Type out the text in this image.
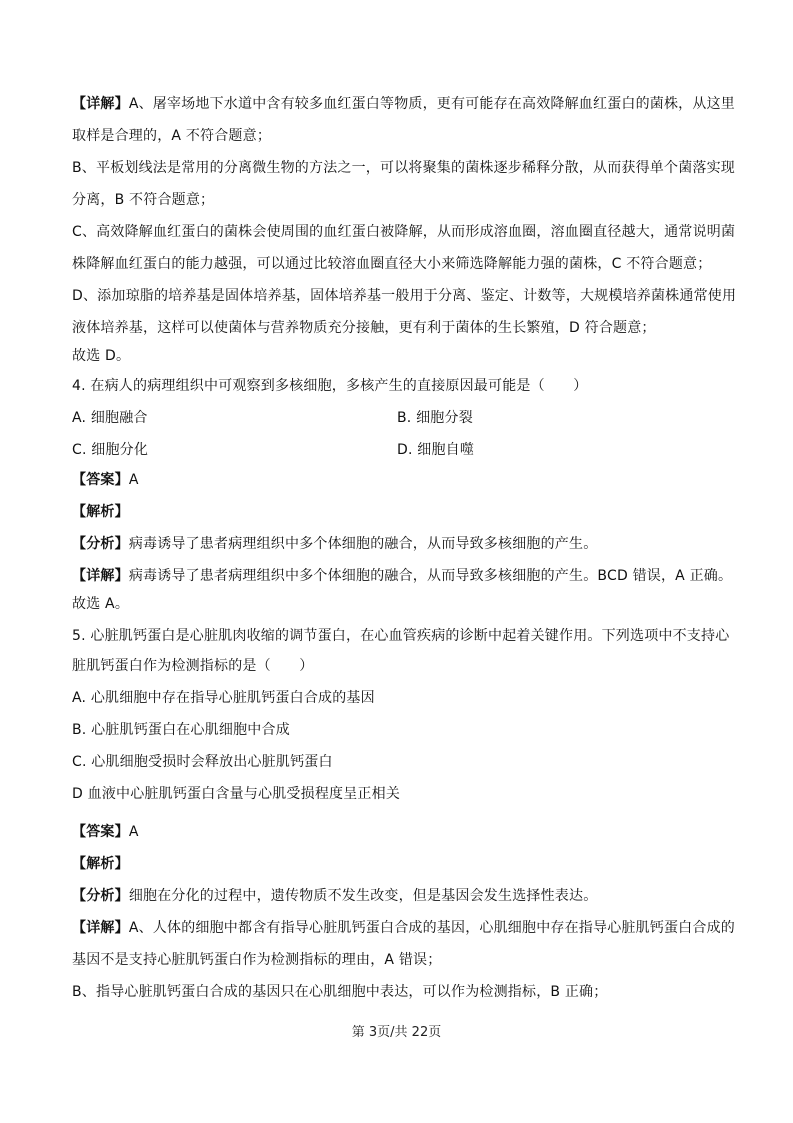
【详解】A、屠宰场地下水道中含有较多血红蛋白等物质，更有可能存在高效降解血红蛋白的菌株，从这里
取样是合理的，A 不符合题意；
B、平板划线法是常用的分离微生物的方法之一，可以将聚集的菌株逐步稀释分散，从而获得单个菌落实现
分离，B 不符合题意；
C、高效降解血红蛋白的菌株会使周围的血红蛋白被降解，从而形成溶血圈，溶血圈直径越大，通常说明菌
株降解血红蛋白的能力越强，可以通过比较溶血圈直径大小来筛选降解能力强的菌株，C 不符合题意；
D、添加琼脂的培养基是固体培养基，固体培养基一般用于分离、鉴定、计数等，大规模培养菌株通常使用
液体培养基，这样可以使菌体与营养物质充分接触，更有利于菌体的生长繁殖，D 符合题意；
故选 D。
4. 在病人的病理组织中可观察到多核细胞，多核产生的直接原因最可能是（　　）
A. 细胞融合	B. 细胞分裂
C. 细胞分化	D. 细胞自噬
【答案】A
【解析】
【分析】病毒诱导了患者病理组织中多个体细胞的融合，从而导致多核细胞的产生。
【详解】病毒诱导了患者病理组织中多个体细胞的融合，从而导致多核细胞的产生。BCD 错误，A 正确。
故选 A。
5. 心脏肌钙蛋白是心脏肌肉收缩的调节蛋白，在心血管疾病的诊断中起着关键作用。下列选项中不支持心
脏肌钙蛋白作为检测指标的是（　　）
A. 心肌细胞中存在指导心脏肌钙蛋白合成的基因
B. 心脏肌钙蛋白在心肌细胞中合成
C. 心肌细胞受损时会释放出心脏肌钙蛋白
D 血液中心脏肌钙蛋白含量与心肌受损程度呈正相关
【答案】A
【解析】
【分析】细胞在分化的过程中，遗传物质不发生改变，但是基因会发生选择性表达。
【详解】A、人体的细胞中都含有指导心脏肌钙蛋白合成的基因，心肌细胞中存在指导心脏肌钙蛋白合成的
基因不是支持心脏肌钙蛋白作为检测指标的理由，A 错误；
B、指导心脏肌钙蛋白合成的基因只在心肌细胞中表达，可以作为检测指标，B 正确；
第 3页/共 22页
